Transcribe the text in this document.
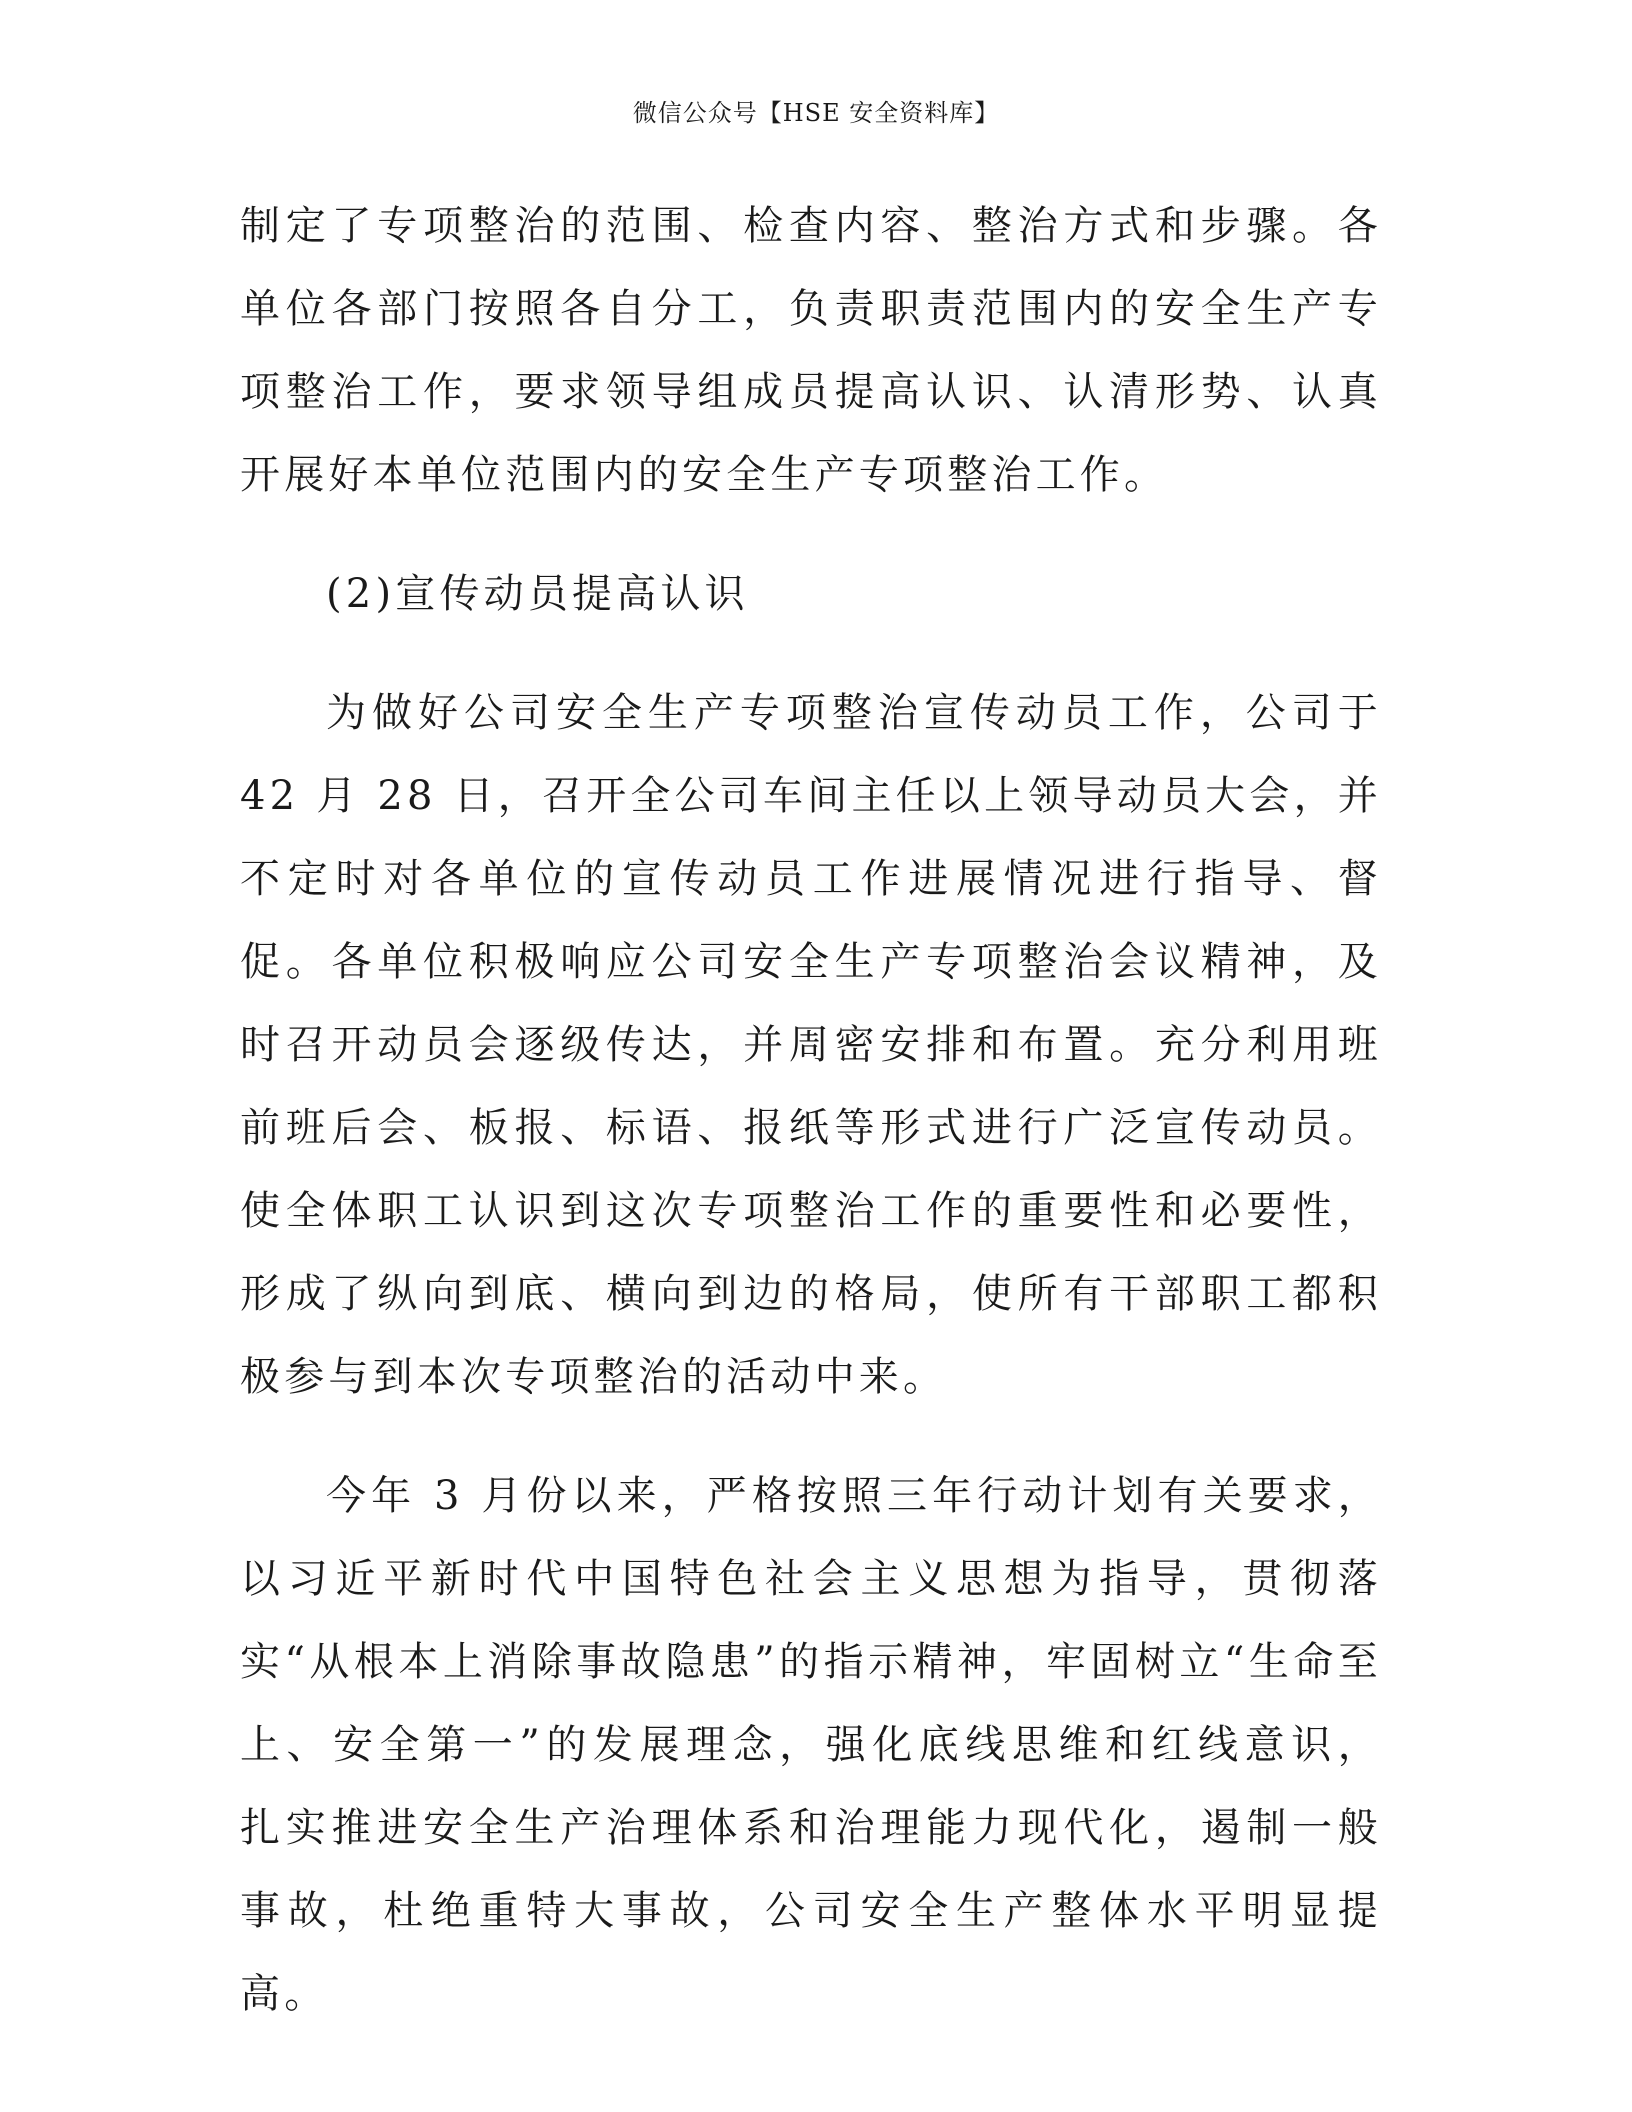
微信公众号【HSE 安全资料库】

制定了专项整治的范围、检查内容、整治方式和步骤。各单位各部门按照各自分工，负责职责范围内的安全生产专项整治工作，要求领导组成员提高认识、认清形势、认真开展好本单位范围内的安全生产专项整治工作。

(2)宣传动员提高认识

为做好公司安全生产专项整治宣传动员工作，公司于 42 月 28 日，召开全公司车间主任以上领导动员大会，并不定时对各单位的宣传动员工作进展情况进行指导、督促。各单位积极响应公司安全生产专项整治会议精神，及时召开动员会逐级传达，并周密安排和布置。充分利用班前班后会、板报、标语、报纸等形式进行广泛宣传动员。使全体职工认识到这次专项整治工作的重要性和必要性，形成了纵向到底、横向到边的格局，使所有干部职工都积极参与到本次专项整治的活动中来。

今年 3 月份以来，严格按照三年行动计划有关要求，以习近平新时代中国特色社会主义思想为指导，贯彻落实“从根本上消除事故隐患”的指示精神，牢固树立“生命至上、安全第一”的发展理念，强化底线思维和红线意识， 扎实推进安全生产治理体系和治理能力现代化，遏制一般事故，杜绝重特大事故，公司安全生产整体水平明显提高。
